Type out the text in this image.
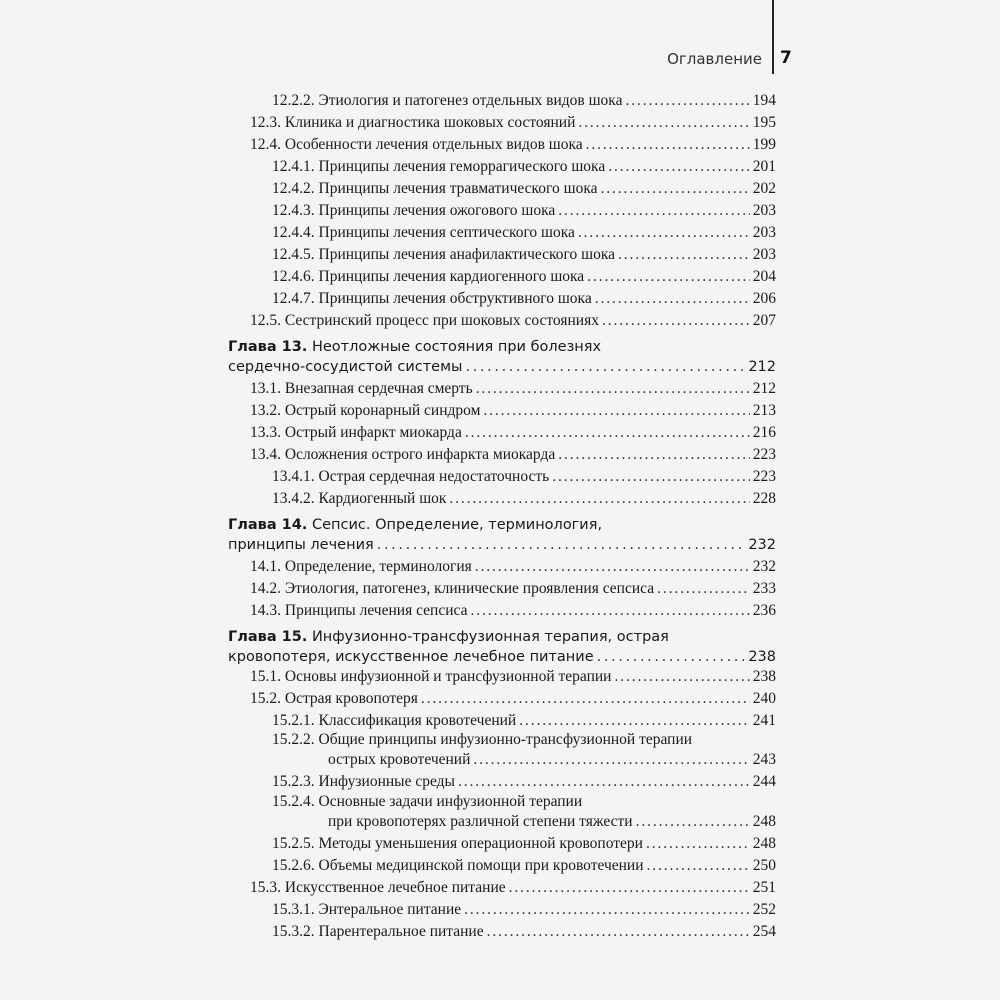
Оглавление 7
12.2.2. Этиология и патогенез отдельных видов шока . . .	194
12.3. Клиника и диагностика шоковых состояний . . .	195
12.4. Особенности лечения отдельных видов шока . . .	199
12.4.1. Принципы лечения геморрагического шока . . .	201
12.4.2. Принципы лечения травматического шока . . .	202
12.4.3. Принципы лечения ожогового шока . . .	203
12.4.4. Принципы лечения септического шока . . .	203
12.4.5. Принципы лечения анафилактического шока . . .	203
12.4.6. Принципы лечения кардиогенного шока . . .	204
12.4.7. Принципы лечения обструктивного шока . . .	206
12.5. Сестринский процесс при шоковых состояниях . . .	207
Глава 13. Неотложные состояния при болезнях
сердечно-сосудистой системы . . .	212
13.1. Внезапная сердечная смерть . . .	212
13.2. Острый коронарный синдром . . .	213
13.3. Острый инфаркт миокарда . . .	216
13.4. Осложнения острого инфаркта миокарда . . .	223
13.4.1. Острая сердечная недостаточность . . .	223
13.4.2. Кардиогенный шок . . .	228
Глава 14. Сепсис. Определение, терминология,
принципы лечения . . .	232
14.1. Определение, терминология . . .	232
14.2. Этиология, патогенез, клинические проявления сепсиса . . .	233
14.3. Принципы лечения сепсиса . . .	236
Глава 15. Инфузионно-трансфузионная терапия, острая
кровопотеря, искусственное лечебное питание . . .	238
15.1. Основы инфузионной и трансфузионной терапии . . .	238
15.2. Острая кровопотеря . . .	240
15.2.1. Классификация кровотечений . . .	241
15.2.2. Общие принципы инфузионно-трансфузионной терапии
острых кровотечений . . .	243
15.2.3. Инфузионные среды . . .	244
15.2.4. Основные задачи инфузионной терапии
при кровопотерях различной степени тяжести . . .	248
15.2.5. Методы уменьшения операционной кровопотери . . .	248
15.2.6. Объемы медицинской помощи при кровотечении . . .	250
15.3. Искусственное лечебное питание . . .	251
15.3.1. Энтеральное питание . . .	252
15.3.2. Парентеральное питание . . .	254
